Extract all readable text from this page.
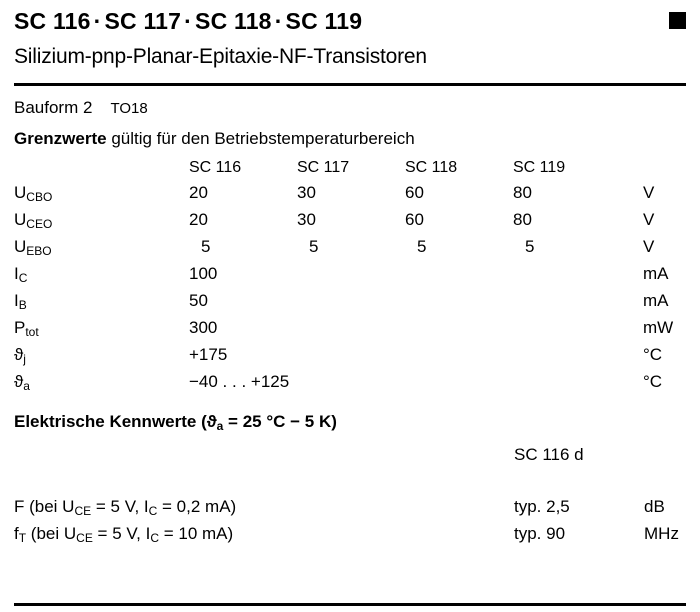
SC 116 · SC 117 · SC 118 · SC 119
Silizium-pnp-Planar-Epitaxie-NF-Transistoren
Bauform 2 TO18
Grenzwerte gültig für den Betriebstemperaturbereich
	SC 116	SC 117	SC 118	SC 119	
$U_{CBO}$	20	30	60	80	V
$U_{CEO}$	20	30	60	80	V
$U_{EBO}$	5	5	5	5	V
$I_C$	100				mA
$I_B$	50				mA
$P_{tot}$	300				mW
$ϑ_j$	+175				°C
$ϑ_a$	−40 . . . +125				°C
Elektrische Kennwerte ($ϑ_a = 25$ °C − 5 K)
	SC 116 d	

F (bei $U_{CE} = 5$ V, $I_C = 0,2$ mA)	typ. 2,5	dB
$f_T$ (bei $U_{CE} = 5$ V, $I_C = 10$ mA)	typ. 90	MHz
